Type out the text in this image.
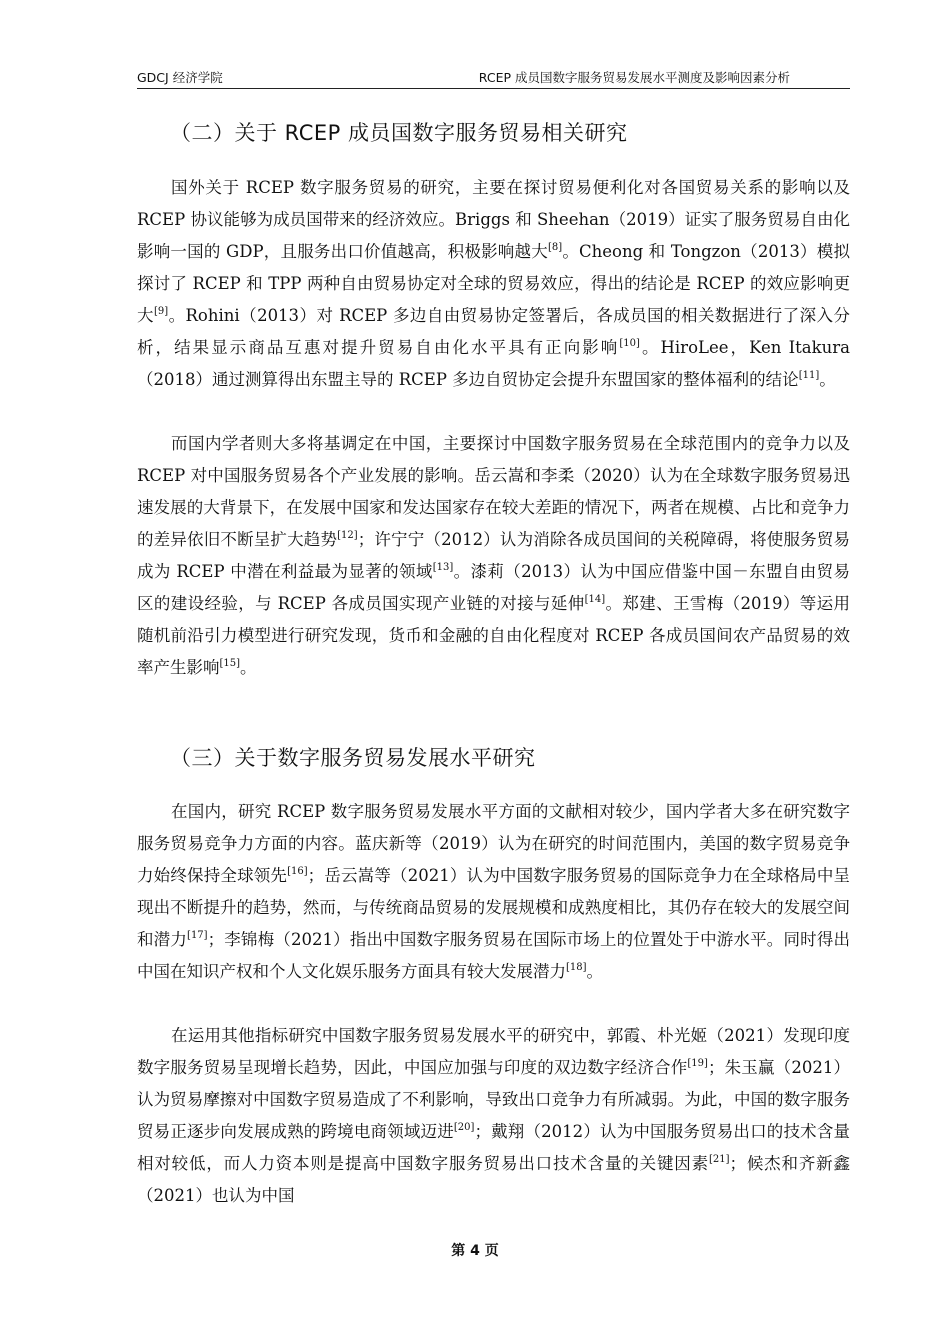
GDCJ 经济学院	RCEP 成员国数字服务贸易发展水平测度及影响因素分析
（二）关于 RCEP 成员国数字服务贸易相关研究

国外关于 RCEP 数字服务贸易的研究，主要在探讨贸易便利化对各国贸易关系的影响以及 RCEP 协议能够为成员国带来的经济效应。Briggs 和 Sheehan（2019）证实了服务贸易自由化影响一国的 GDP，且服务出口价值越高，积极影响越大[8]。Cheong 和 Tongzon（2013）模拟探讨了 RCEP 和 TPP 两种自由贸易协定对全球的贸易效应，得出的结论是 RCEP 的效应影响更大[9]。Rohini（2013）对 RCEP 多边自由贸易协定签署后，各成员国的相关数据进行了深入分析，结果显示商品互惠对提升贸易自由化水平具有正向影响[10]。HiroLee，Ken Itakura（2018）通过测算得出东盟主导的 RCEP 多边自贸协定会提升东盟国家的整体福利的结论[11]。

而国内学者则大多将基调定在中国，主要探讨中国数字服务贸易在全球范围内的竞争力以及 RCEP 对中国服务贸易各个产业发展的影响。岳云嵩和李柔（2020）认为在全球数字服务贸易迅速发展的大背景下，在发展中国家和发达国家存在较大差距的情况下，两者在规模、占比和竞争力的差异依旧不断呈扩大趋势[12]；许宁宁（2012）认为消除各成员国间的关税障碍，将使服务贸易成为 RCEP 中潜在利益最为显著的领域[13]。漆莉（2013）认为中国应借鉴中国－东盟自由贸易区的建设经验，与 RCEP 各成员国实现产业链的对接与延伸[14]。郑建、王雪梅（2019）等运用随机前沿引力模型进行研究发现，货币和金融的自由化程度对 RCEP 各成员国间农产品贸易的效率产生影响[15]。

（三）关于数字服务贸易发展水平研究

在国内，研究 RCEP 数字服务贸易发展水平方面的文献相对较少，国内学者大多在研究数字服务贸易竞争力方面的内容。蓝庆新等（2019）认为在研究的时间范围内，美国的数字贸易竞争力始终保持全球领先[16]；岳云嵩等（2021）认为中国数字服务贸易的国际竞争力在全球格局中呈现出不断提升的趋势，然而，与传统商品贸易的发展规模和成熟度相比，其仍存在较大的发展空间和潜力[17]；李锦梅（2021）指出中国数字服务贸易在国际市场上的位置处于中游水平。同时得出中国在知识产权和个人文化娱乐服务方面具有较大发展潜力[18]。

在运用其他指标研究中国数字服务贸易发展水平的研究中，郭霞、朴光姬（2021）发现印度数字服务贸易呈现增长趋势，因此，中国应加强与印度的双边数字经济合作[19]；朱玉赢（2021）认为贸易摩擦对中国数字贸易造成了不利影响，导致出口竞争力有所减弱。为此，中国的数字服务贸易正逐步向发展成熟的跨境电商领域迈进[20]；戴翔（2012）认为中国服务贸易出口的技术含量相对较低，而人力资本则是提高中国数字服务贸易出口技术含量的关键因素[21]；候杰和齐新鑫（2021）也认为中国

第 4 页
